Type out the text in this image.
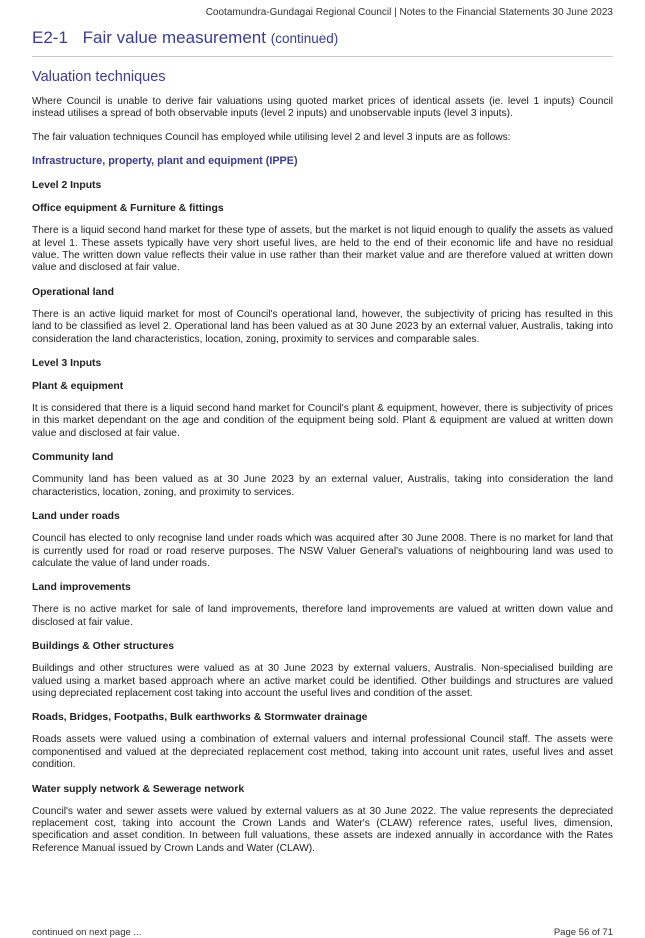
Cootamundra-Gundagai Regional Council | Notes to the Financial Statements 30 June 2023
E2-1 Fair value measurement (continued)
Valuation techniques

Where Council is unable to derive fair valuations using quoted market prices of identical assets (ie. level 1 inputs) Council instead utilises a spread of both observable inputs (level 2 inputs) and unobservable inputs (level 3 inputs).

The fair valuation techniques Council has employed while utilising level 2 and level 3 inputs are as follows:

Infrastructure, property, plant and equipment (IPPE)
Level 2 Inputs
Office equipment & Furniture & fittings

There is a liquid second hand market for these type of assets, but the market is not liquid enough to qualify the assets as valued at level 1. These assets typically have very short useful lives, are held to the end of their economic life and have no residual value. The written down value reflects their value in use rather than their market value and are therefore valued at written down value and disclosed at fair value.

Operational land

There is an active liquid market for most of Council's operational land, however, the subjectivity of pricing has resulted in this land to be classified as level 2. Operational land has been valued as at 30 June 2023 by an external valuer, Australis, taking into consideration the land characteristics, location, zoning, proximity to services and comparable sales.

Level 3 Inputs
Plant & equipment

It is considered that there is a liquid second hand market for Council's plant & equipment, however, there is subjectivity of prices in this market dependant on the age and condition of the equipment being sold. Plant & equipment are valued at written down value and disclosed at fair value.

Community land

Community land has been valued as at 30 June 2023 by an external valuer, Australis, taking into consideration the land characteristics, location, zoning, and proximity to services.

Land under roads

Council has elected to only recognise land under roads which was acquired after 30 June 2008. There is no market for land that is currently used for road or road reserve purposes. The NSW Valuer General's valuations of neighbouring land was used to calculate the value of land under roads.

Land improvements

There is no active market for sale of land improvements, therefore land improvements are valued at written down value and disclosed at fair value.

Buildings & Other structures

Buildings and other structures were valued as at 30 June 2023 by external valuers, Australis. Non-specialised building are valued using a market based approach where an active market could be identified. Other buildings and structures are valued using depreciated replacement cost taking into account the useful lives and condition of the asset.

Roads, Bridges, Footpaths, Bulk earthworks & Stormwater drainage

Roads assets were valued using a combination of external valuers and internal professional Council staff. The assets were componentised and valued at the depreciated replacement cost method, taking into account unit rates, useful lives and asset condition.

Water supply network & Sewerage network

Council's water and sewer assets were valued by external valuers as at 30 June 2022. The value represents the depreciated replacement cost, taking into account the Crown Lands and Water's (CLAW) reference rates, useful lives, dimension, specification and asset condition. In between full valuations, these assets are indexed annually in accordance with the Rates Reference Manual issued by Crown Lands and Water (CLAW).

continued on next page ...	Page 56 of 71
